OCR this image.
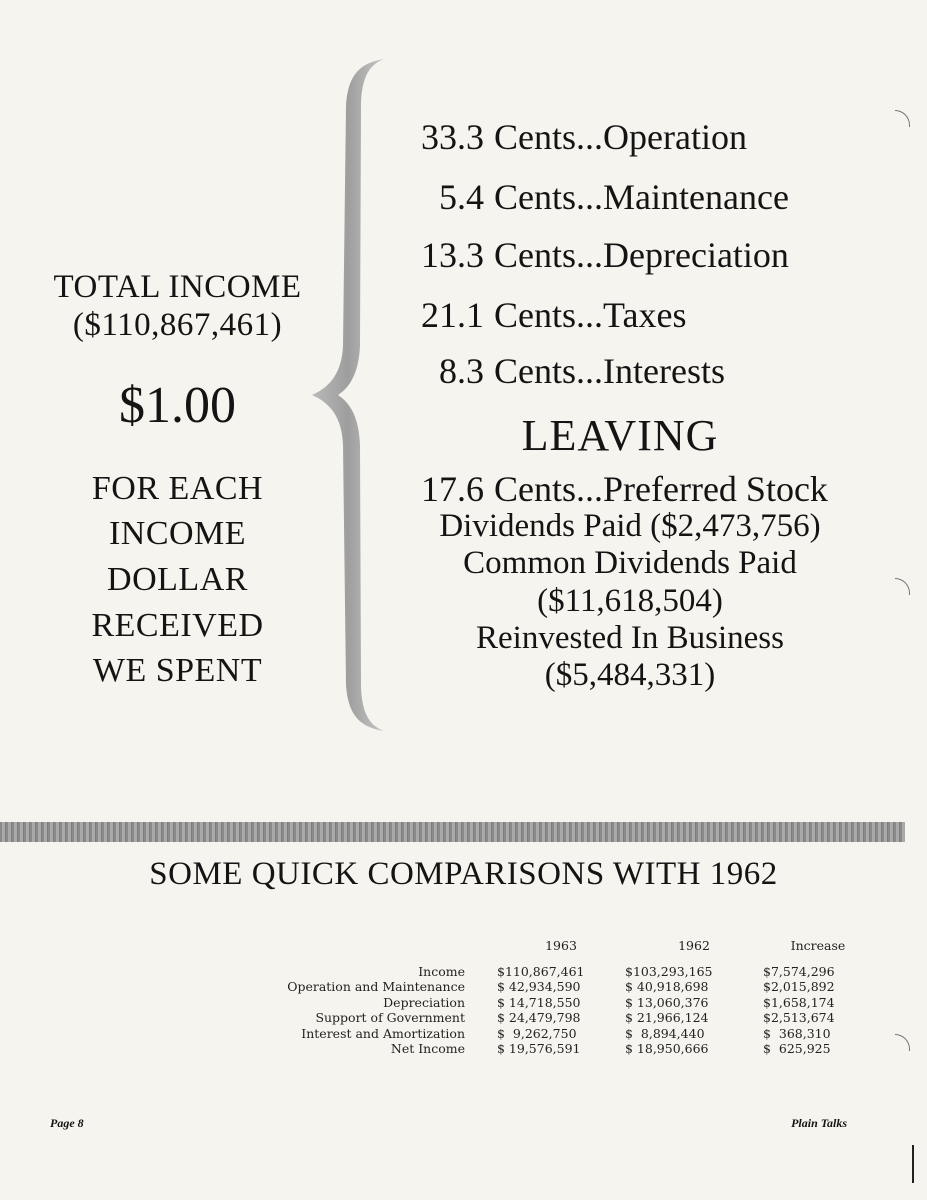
TOTAL INCOME
($110,867,461)
$1.00
FOR EACH
INCOME
DOLLAR
RECEIVED
WE SPENT
33.3 Cents...Operation
5.4 Cents...Maintenance
13.3 Cents...Depreciation
21.1 Cents...Taxes
8.3 Cents...Interests
LEAVING
17.6 Cents...Preferred Stock
Dividends Paid ($2,473,756)
Common Dividends Paid
($11,618,504)
Reinvested In Business
($5,484,331)
SOME QUICK COMPARISONS WITH 1962
	1963	1962	Increase
Income	$110,867,461	$103,293,165	$7,574,296
Operation and Maintenance	$ 42,934,590	$ 40,918,698	$2,015,892
Depreciation	$ 14,718,550	$ 13,060,376	$1,658,174
Support of Government	$ 24,479,798	$ 21,966,124	$2,513,674
Interest and Amortization	$  9,262,750	$  8,894,440	$  368,310
Net Income	$ 19,576,591	$ 18,950,666	$  625,925
Page 8	Plain Talks
